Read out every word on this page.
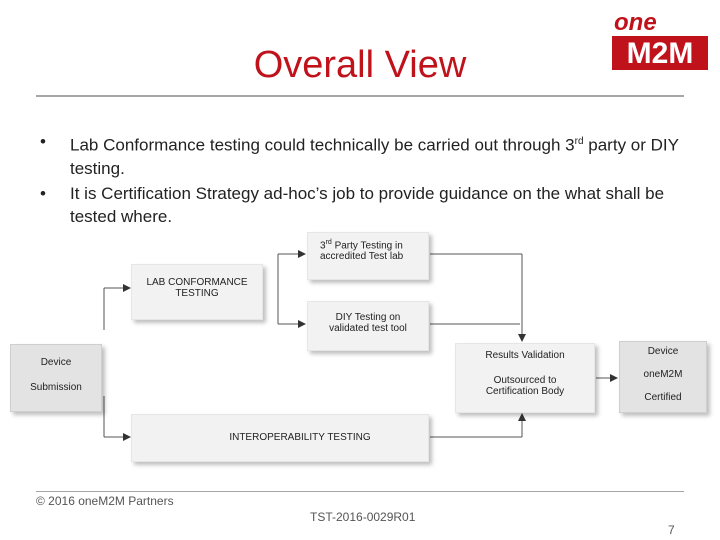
Overall View
one
M2M
• Lab Conformance testing could technically be carried out through 3rd party or DIY testing.
• It is Certification Strategy ad-hoc’s job to provide guidance on the what shall be tested where.
Device
Submission
LAB CONFORMANCE
TESTING
3rd Party Testing in
accredited Test lab
DIY Testing on
validated test tool
Results Validation
Outsourced to
Certification Body
Device
oneM2M
Certified
INTEROPERABILITY TESTING
© 2016 oneM2M Partners
TST-2016-0029R01
7
